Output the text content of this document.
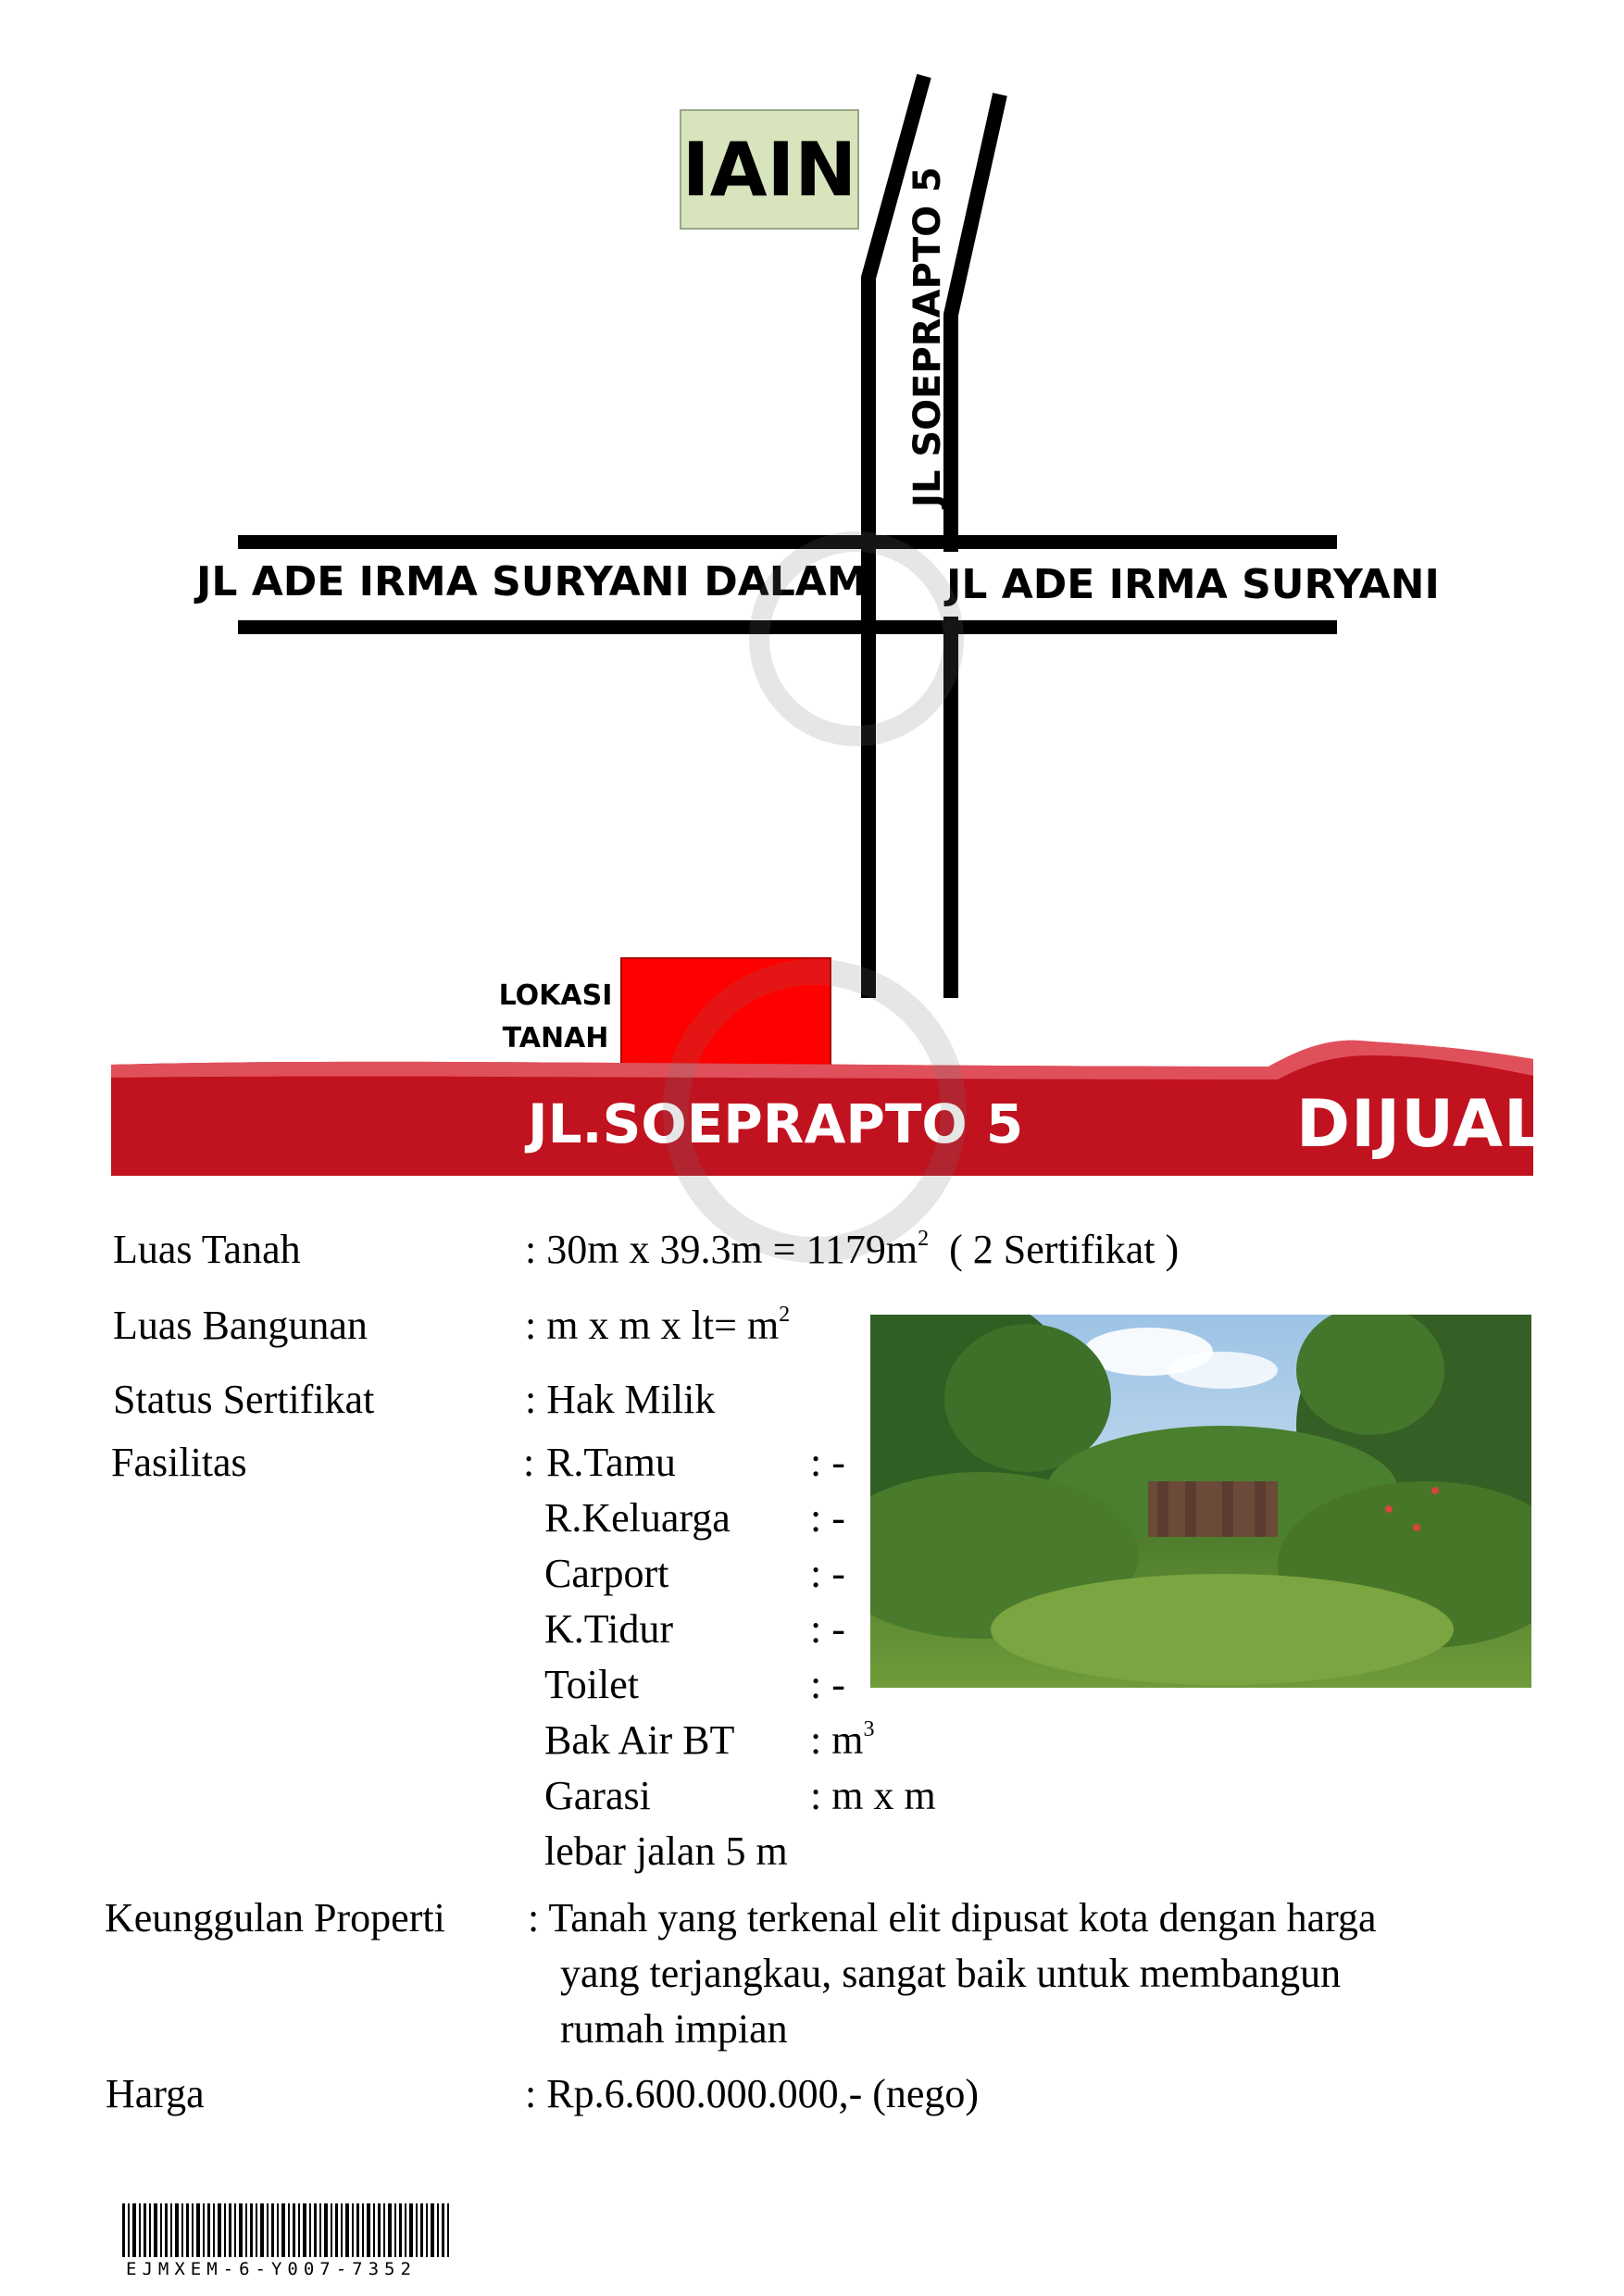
JL ADE IRMA SURYANI DALAM JL ADE IRMA SURYANI
JL SOEPRAPTO 5
IAIN
LOKASI
TANAH
JL.SOEPRAPTO 5	DIJUAL
Luas Tanah	: 30m x $39.3m = 1179m^2$ ( 2 Sertifikat )
Luas Bangunan	: m x m x $lt= m^2$
Status Sertifikat	: Hak Milik
Fasilitas	: R.Tamu	: -
R.Keluarga : -
Carport	: -
K.Tidur	: -
Toilet	: -
Bak Air BT : $m^3$
Garasi	: m x m
lebar jalan 5 m
Keunggulan Properti : Tanah yang terkenal elit dipusat kota dengan harga
yang terjangkau, sangat baik untuk membangun
rumah impian
Harga	: Rp.6.600.000.000,- (nego)
EJMXEM-6-Y007-7352
